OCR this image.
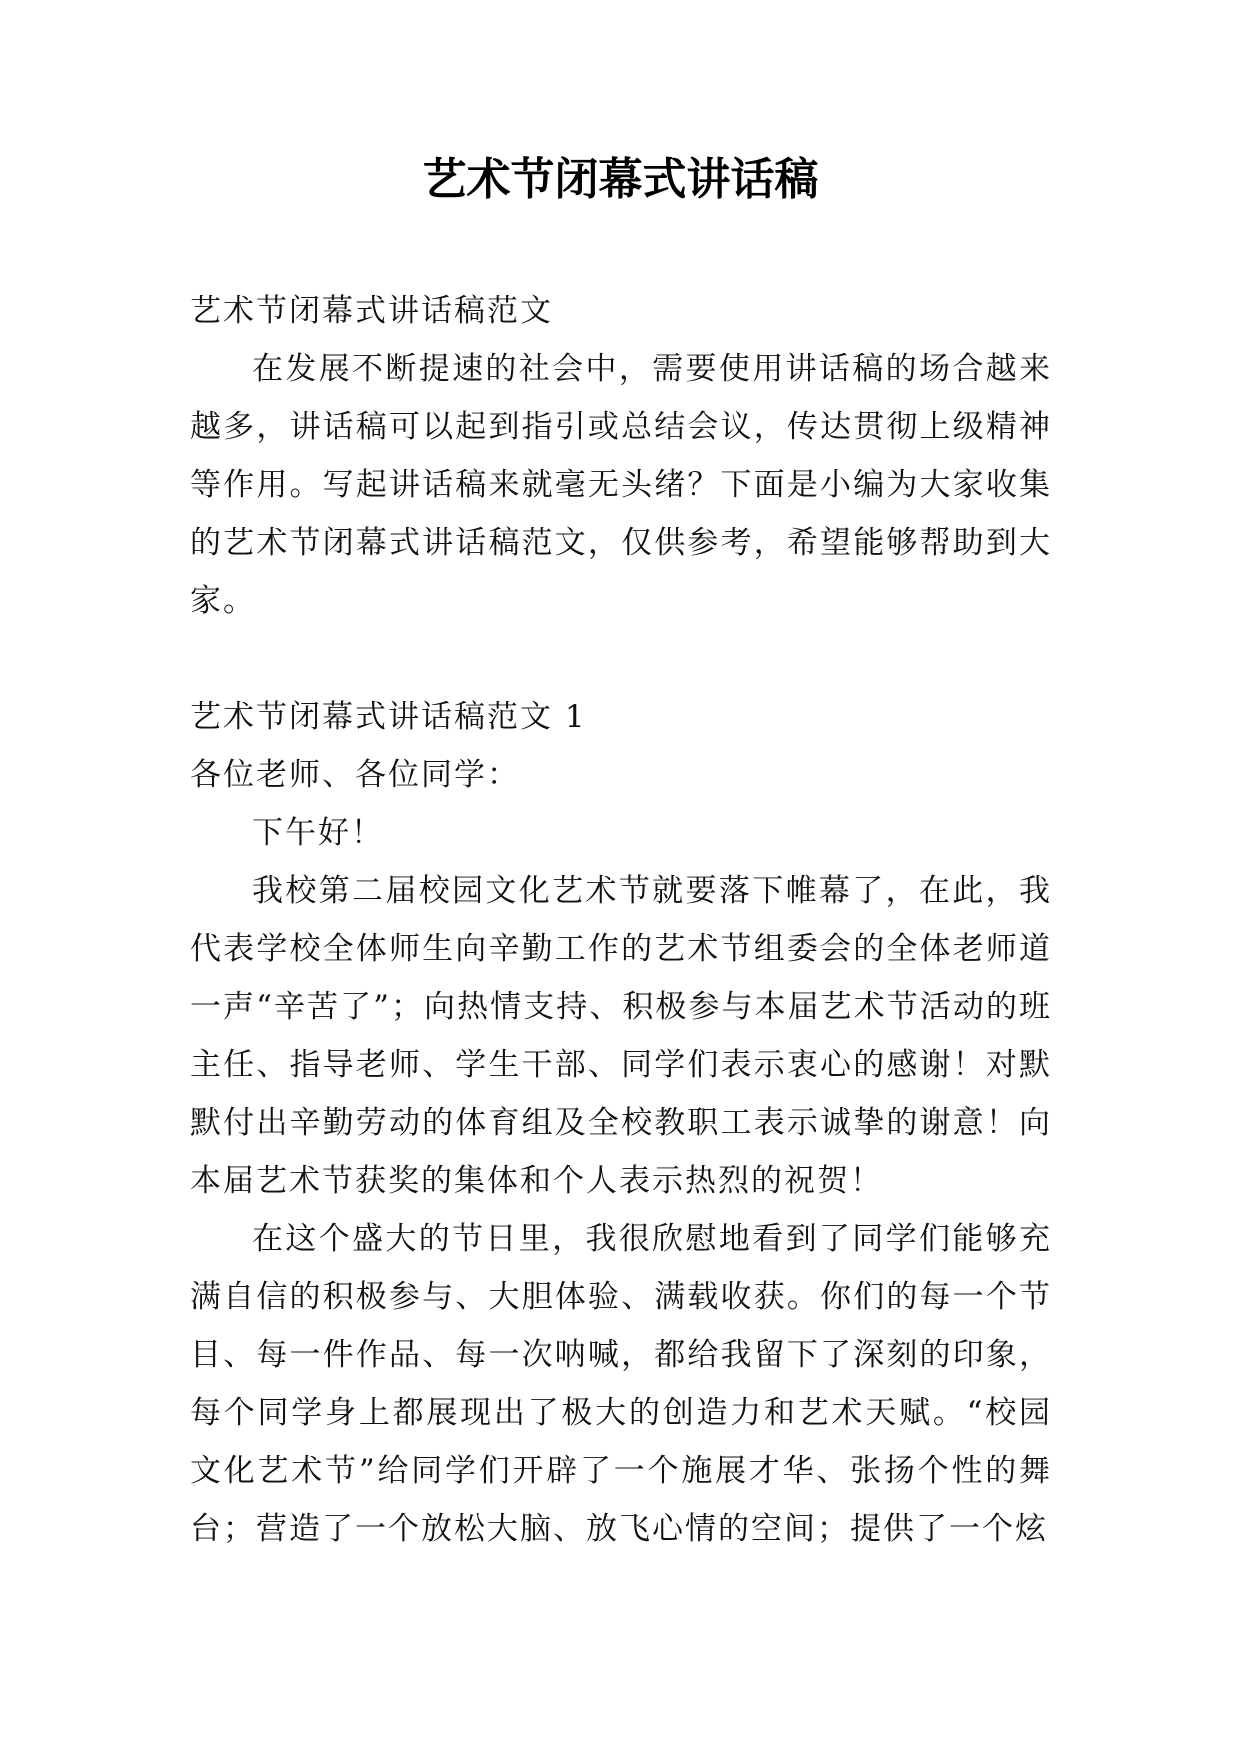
艺术节闭幕式讲话稿

艺术节闭幕式讲话稿范文

在发展不断提速的社会中，需要使用讲话稿的场合越来越多，讲话稿可以起到指引或总结会议，传达贯彻上级精神等作用。写起讲话稿来就毫无头绪？下面是小编为大家收集的艺术节闭幕式讲话稿范文，仅供参考，希望能够帮助到大家。

艺术节闭幕式讲话稿范文 1

各位老师、各位同学：

下午好！

我校第二届校园文化艺术节就要落下帷幕了，在此，我代表学校全体师生向辛勤工作的艺术节组委会的全体老师道一声“辛苦了”；向热情支持、积极参与本届艺术节活动的班主任、指导老师、学生干部、同学们表示衷心的感谢！对默默付出辛勤劳动的体育组及全校教职工表示诚挚的谢意！向本届艺术节获奖的集体和个人表示热烈的祝贺！

在这个盛大的节日里，我很欣慰地看到了同学们能够充满自信的积极参与、大胆体验、满载收获。你们的每一个节目、每一件作品、每一次呐喊，都给我留下了深刻的印象，每个同学身上都展现出了极大的创造力和艺术天赋。“校园文化艺术节”给同学们开辟了一个施展才华、张扬个性的舞台；营造了一个放松大脑、放飞心情的空间；提供了一个炫
